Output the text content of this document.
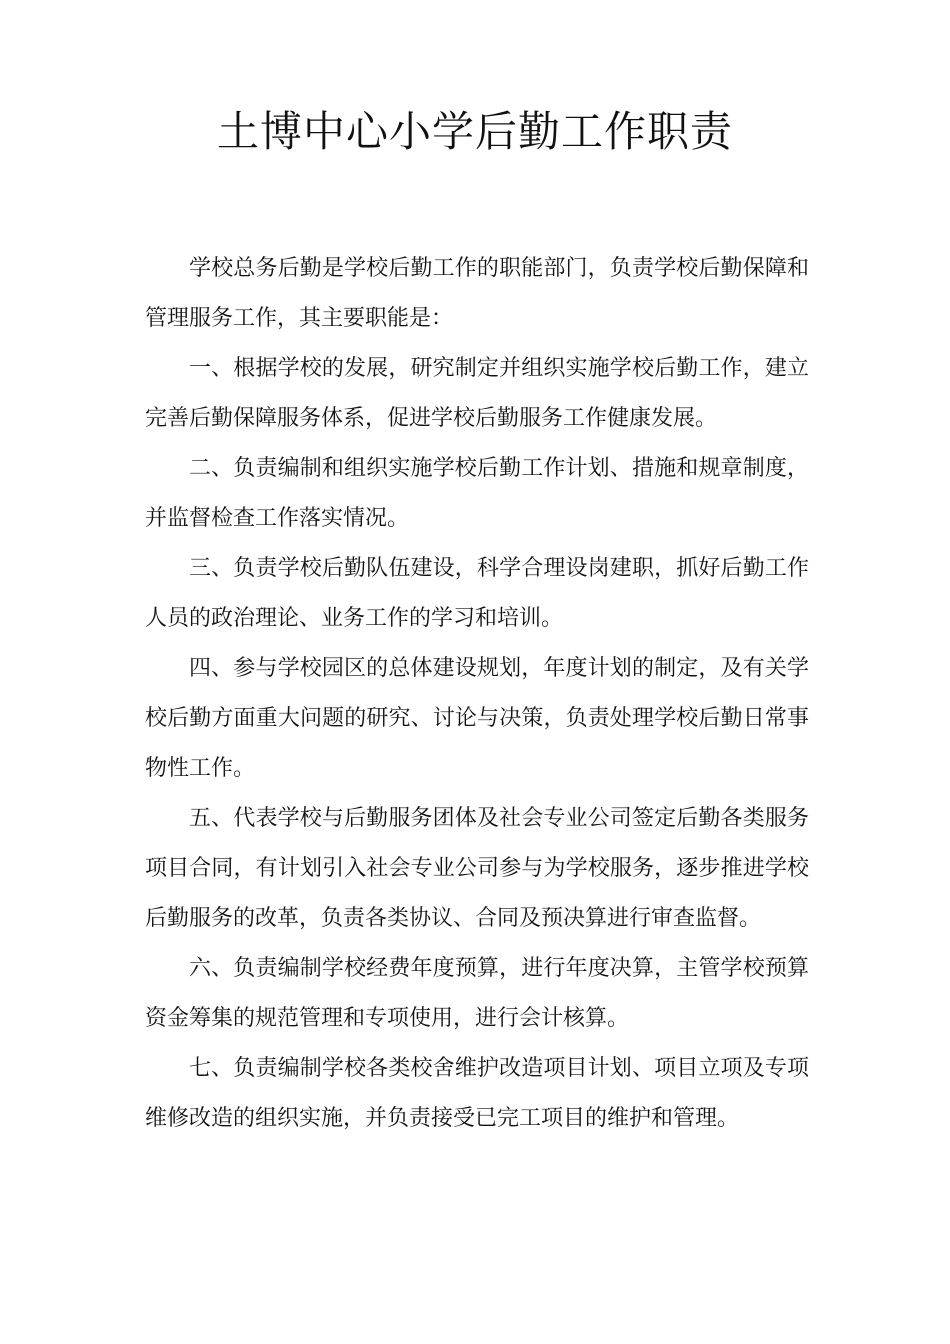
土博中心小学后勤工作职责

学校总务后勤是学校后勤工作的职能部门，负责学校后勤保障和管理服务工作，其主要职能是：

一、根据学校的发展，研究制定并组织实施学校后勤工作，建立完善后勤保障服务体系，促进学校后勤服务工作健康发展。

二、负责编制和组织实施学校后勤工作计划、措施和规章制度，并监督检查工作落实情况。

三、负责学校后勤队伍建设，科学合理设岗建职，抓好后勤工作人员的政治理论、业务工作的学习和培训。

四、参与学校园区的总体建设规划，年度计划的制定，及有关学校后勤方面重大问题的研究、讨论与决策，负责处理学校后勤日常事物性工作。

五、代表学校与后勤服务团体及社会专业公司签定后勤各类服务项目合同，有计划引入社会专业公司参与为学校服务，逐步推进学校后勤服务的改革，负责各类协议、合同及预决算进行审查监督。

六、负责编制学校经费年度预算，进行年度决算，主管学校预算资金筹集的规范管理和专项使用，进行会计核算。

七、负责编制学校各类校舍维护改造项目计划、项目立项及专项维修改造的组织实施，并负责接受已完工项目的维护和管理。
